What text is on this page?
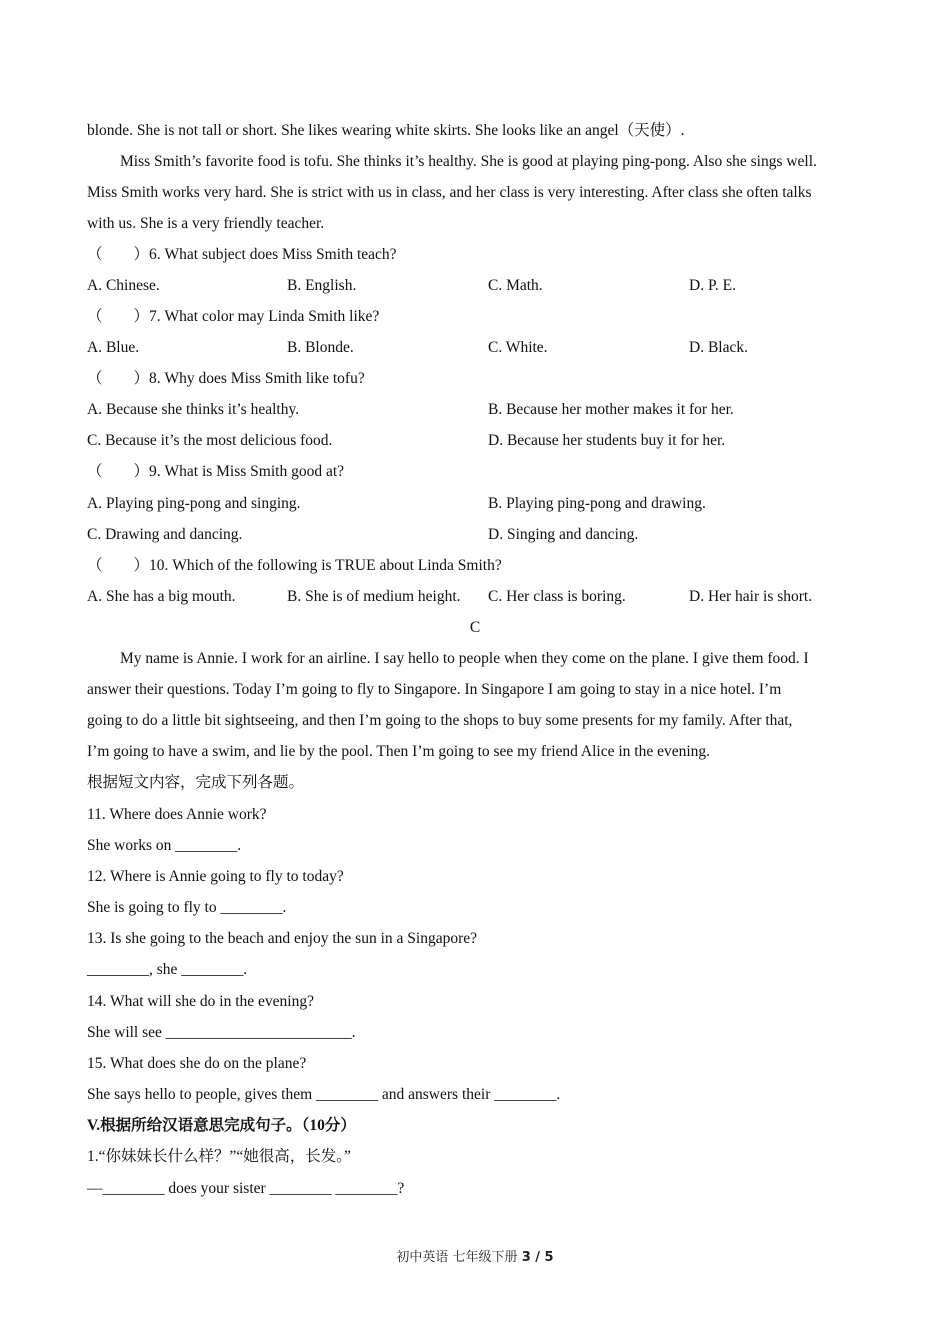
blonde. She is not tall or short. She likes wearing white skirts. She looks like an angel（天使）.
Miss Smith’s favorite food is tofu. She thinks it’s healthy. She is good at playing ping-pong. Also she sings well.
Miss Smith works very hard. She is strict with us in class, and her class is very interesting. After class she often talks
with us. She is a very friendly teacher.
（　　）6. What subject does Miss Smith teach?
A. Chinese.	B. English.	C. Math.	D. P. E.
（　　）7. What color may Linda Smith like?
A. Blue.	B. Blonde.	C. White.	D. Black.
（　　）8. Why does Miss Smith like tofu?
A. Because she thinks it’s healthy.	B. Because her mother makes it for her.
C. Because it’s the most delicious food.	D. Because her students buy it for her.
（　　）9. What is Miss Smith good at?
A. Playing ping-pong and singing.	B. Playing ping-pong and drawing.
C. Drawing and dancing.	D. Singing and dancing.
（　　）10. Which of the following is TRUE about Linda Smith?
A. She has a big mouth.	B. She is of medium height. C. Her class is boring.	D. Her hair is short.
C
My name is Annie. I work for an airline. I say hello to people when they come on the plane. I give them food. I
answer their questions. Today I’m going to fly to Singapore. In Singapore I am going to stay in a nice hotel. I’m
going to do a little bit sightseeing, and then I’m going to the shops to buy some presents for my family. After that,
I’m going to have a swim, and lie by the pool. Then I’m going to see my friend Alice in the evening.
根据短文内容，完成下列各题。
11. Where does Annie work?
She works on ________.
12. Where is Annie going to fly to today?
She is going to fly to ________.
13. Is she going to the beach and enjoy the sun in a Singapore?
________, she ________.
14. What will she do in the evening?
She will see ________________________.
15. What does she do on the plane?
She says hello to people, gives them ________ and answers their ________.
V.根据所给汉语意思完成句子。（10分）
1.“你妹妹长什么样？”“她很高，长发。”
—________ does your sister ________ ________?
初中英语 七年级下册 3 / 5
